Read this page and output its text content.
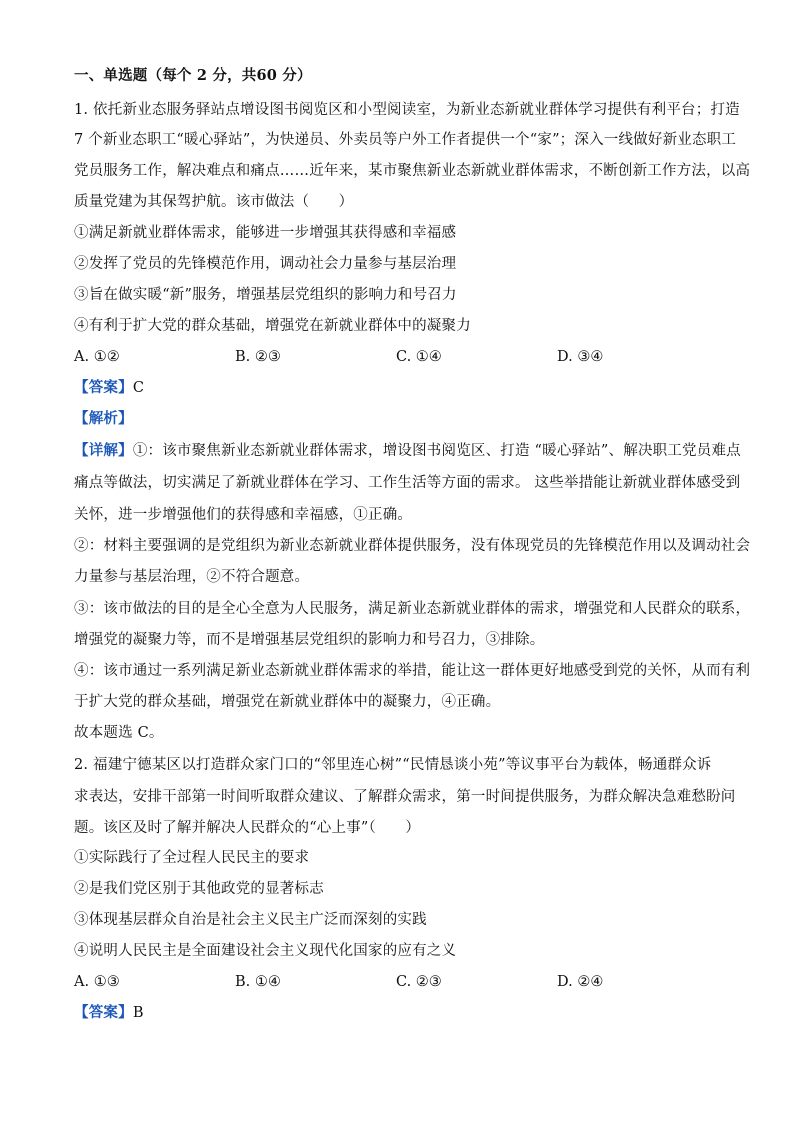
一、单选题（每个 2 分，共60 分）
1. 依托新业态服务驿站点增设图书阅览区和小型阅读室，为新业态新就业群体学习提供有利平台；打造
7 个新业态职工“暖心驿站”，为快递员、外卖员等户外工作者提供一个“家”；深入一线做好新业态职工
党员服务工作，解决难点和痛点……近年来，某市聚焦新业态新就业群体需求，不断创新工作方法，以高
质量党建为其保驾护航。该市做法（　　）
①满足新就业群体需求，能够进一步增强其获得感和幸福感
②发挥了党员的先锋模范作用，调动社会力量参与基层治理
③旨在做实暖“新”服务，增强基层党组织的影响力和号召力
④有利于扩大党的群众基础，增强党在新就业群体中的凝聚力
A. ①②	B. ②③	C. ①④	D. ③④
【答案】C
【解析】
【详解】①：该市聚焦新业态新就业群体需求，增设图书阅览区、打造 “暖心驿站”、解决职工党员难点
痛点等做法，切实满足了新就业群体在学习、工作生活等方面的需求。 这些举措能让新就业群体感受到
关怀，进一步增强他们的获得感和幸福感，①正确。
②：材料主要强调的是党组织为新业态新就业群体提供服务，没有体现党员的先锋模范作用以及调动社会
力量参与基层治理，②不符合题意。
③：该市做法的目的是全心全意为人民服务，满足新业态新就业群体的需求，增强党和人民群众的联系，
增强党的凝聚力等，而不是增强基层党组织的影响力和号召力，③排除。
④：该市通过一系列满足新业态新就业群体需求的举措，能让这一群体更好地感受到党的关怀，从而有利
于扩大党的群众基础，增强党在新就业群体中的凝聚力，④正确。
故本题选 C。
2. 福建宁德某区以打造群众家门口的“邻里连心树”“民情恳谈小苑”等议事平台为载体，畅通群众诉
求表达，安排干部第一时间听取群众建议、了解群众需求，第一时间提供服务，为群众解决急难愁盼问
题。该区及时了解并解决人民群众的“心上事”（　　）
①实际践行了全过程人民民主的要求
②是我们党区别于其他政党的显著标志
③体现基层群众自治是社会主义民主广泛而深刻的实践
④说明人民民主是全面建设社会主义现代化国家的应有之义
A. ①③	B. ①④	C. ②③	D. ②④
【答案】B
